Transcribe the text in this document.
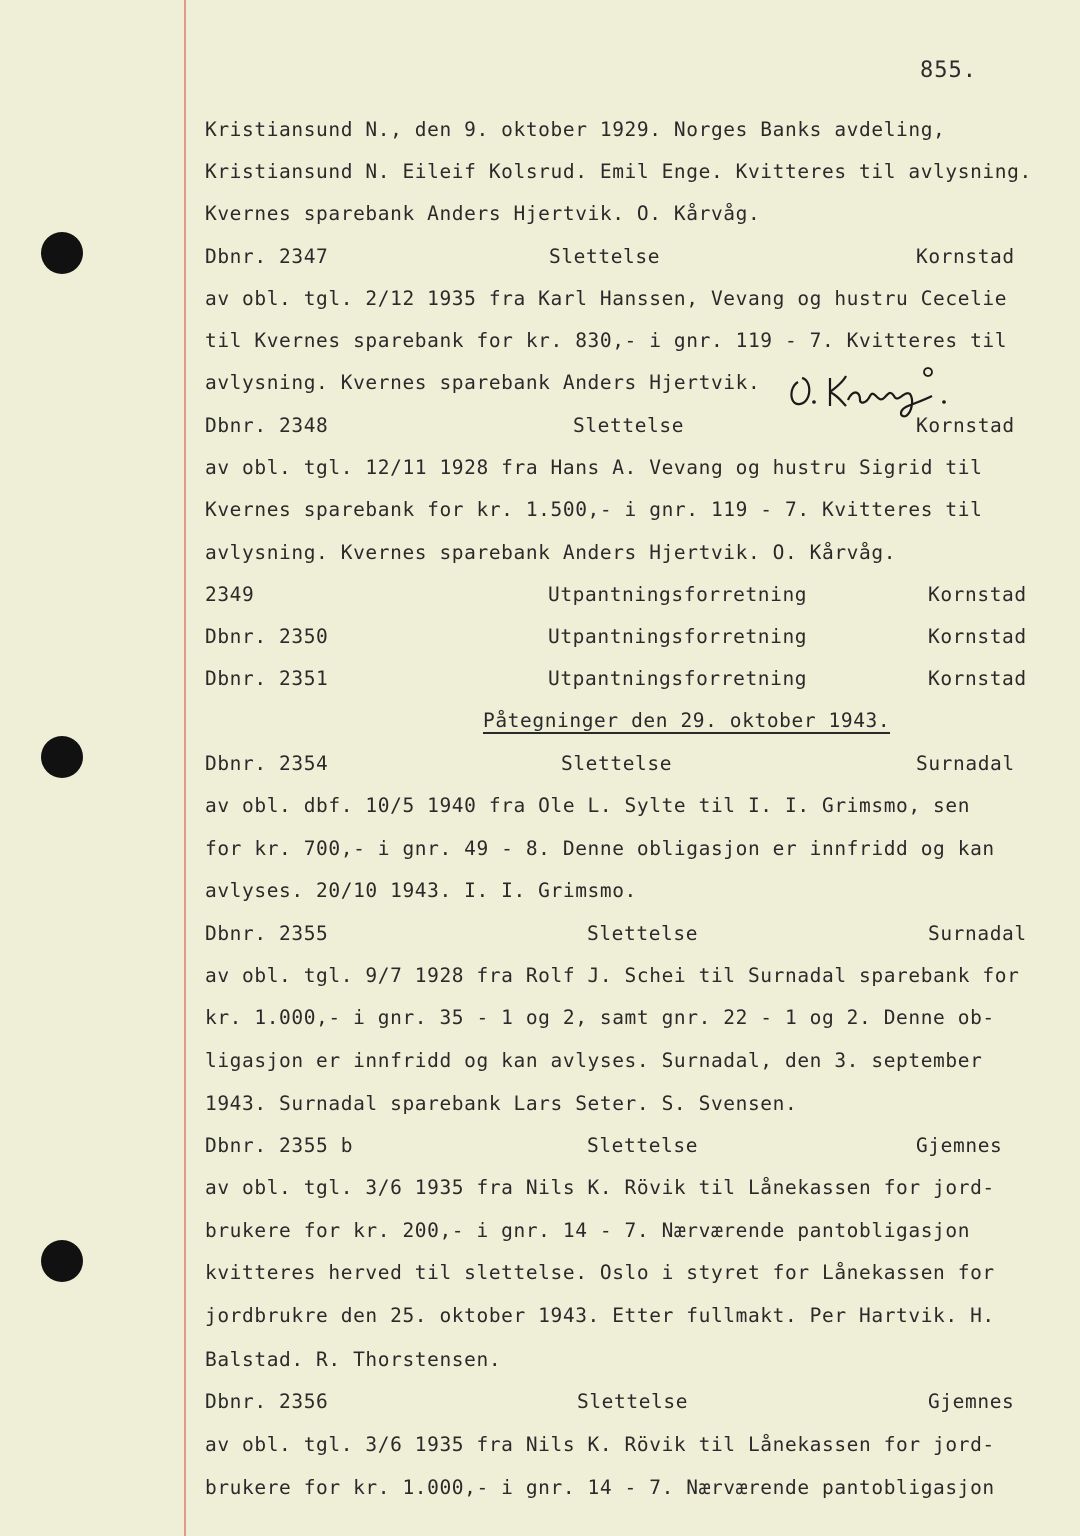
855.
Kristiansund N., den 9. oktober 1929. Norges Banks avdeling,
Kristiansund N. Eileif Kolsrud. Emil Enge. Kvitteres til avlysning.
Kvernes sparebank Anders Hjertvik. O. Kårvåg.
Dbnr. 2347	Slettelse	Kornstad
av obl. tgl. 2/12 1935 fra Karl Hanssen, Vevang og hustru Cecelie
til Kvernes sparebank for kr. 830,- i gnr. 119 - 7. Kvitteres til
avlysning. Kvernes sparebank Anders Hjertvik.
Dbnr. 2348	Slettelse	Kornstad
av obl. tgl. 12/11 1928 fra Hans A. Vevang og hustru Sigrid til
Kvernes sparebank for kr. 1.500,- i gnr. 119 - 7. Kvitteres til
avlysning. Kvernes sparebank Anders Hjertvik. O. Kårvåg.
2349	Utpantningsforretning	Kornstad
Dbnr. 2350	Utpantningsforretning	Kornstad
Dbnr. 2351	Utpantningsforretning	Kornstad
Påtegninger den 29. oktober 1943.
Dbnr. 2354	Slettelse	Surnadal
av obl. dbf. 10/5 1940 fra Ole L. Sylte til I. I. Grimsmo, sen
for kr. 700,- i gnr. 49 - 8. Denne obligasjon er innfridd og kan
avlyses. 20/10 1943. I. I. Grimsmo.
Dbnr. 2355	Slettelse	Surnadal
av obl. tgl. 9/7 1928 fra Rolf J. Schei til Surnadal sparebank for
kr. 1.000,- i gnr. 35 - 1 og 2, samt gnr. 22 - 1 og 2. Denne ob-
ligasjon er innfridd og kan avlyses. Surnadal, den 3. september
1943. Surnadal sparebank Lars Seter. S. Svensen.
Dbnr. 2355 b	Slettelse	Gjemnes
av obl. tgl. 3/6 1935 fra Nils K. Rövik til Lånekassen for jord-
brukere for kr. 200,- i gnr. 14 - 7. Nærværende pantobligasjon
kvitteres herved til slettelse. Oslo i styret for Lånekassen for
jordbrukre den 25. oktober 1943. Etter fullmakt. Per Hartvik. H.
Balstad. R. Thorstensen.
Dbnr. 2356	Slettelse	Gjemnes
av obl. tgl. 3/6 1935 fra Nils K. Rövik til Lånekassen for jord-
brukere for kr. 1.000,- i gnr. 14 - 7. Nærværende pantobligasjon
